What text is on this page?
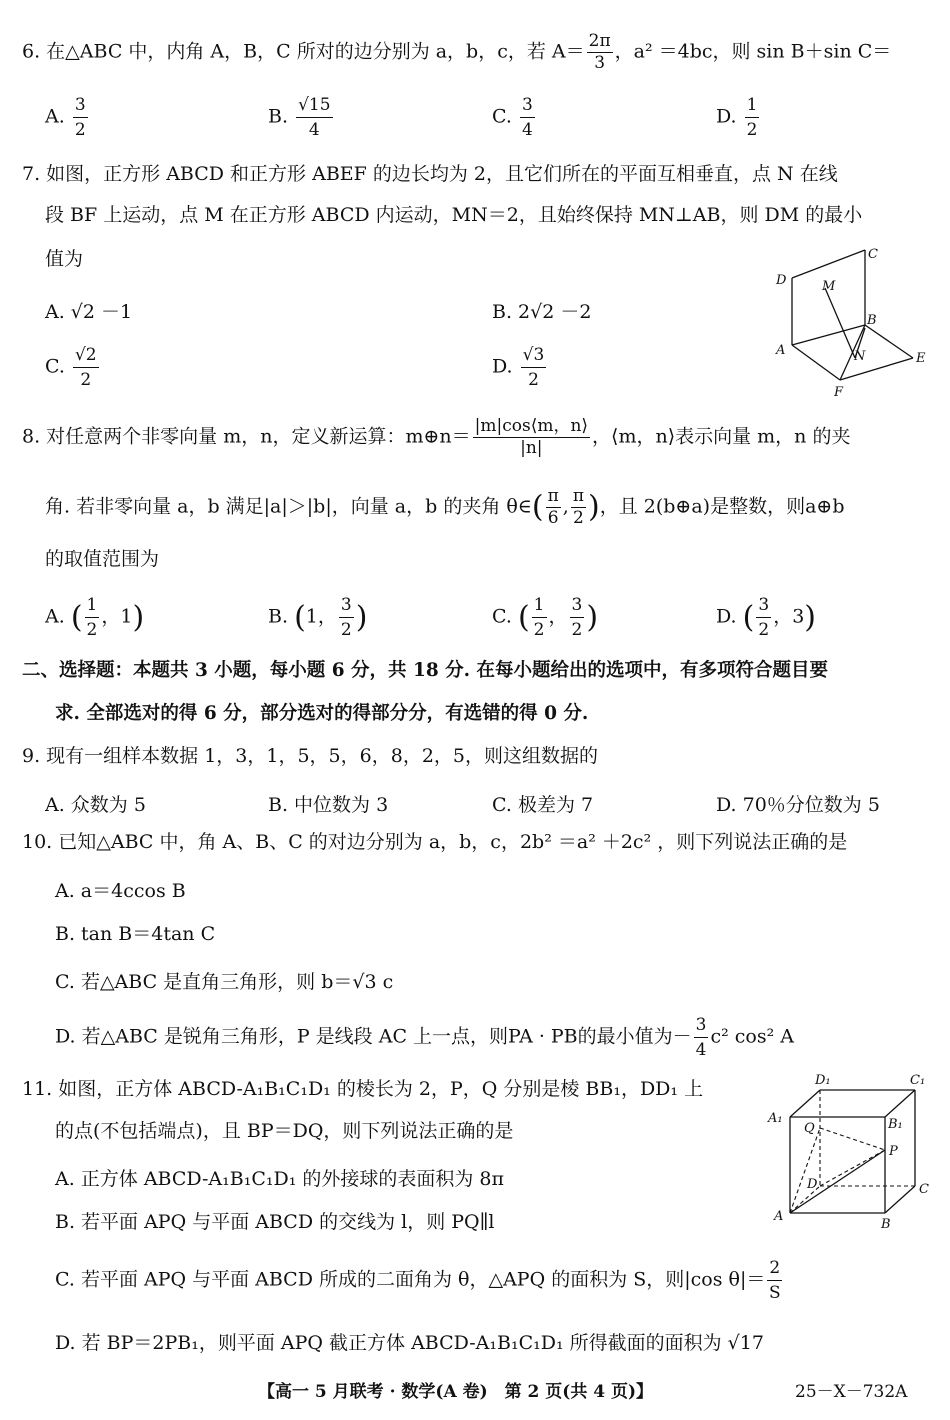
6. 在△ABC 中，内角 A，B，C 所对的边分别为 a，b，c，若 $A= \frac{2\pi}{3}$ ，a² ＝4bc，则 sin B＋sin C＝
A. $\frac{3}{2}$	B. $\frac{√15}{4}$	C. $\frac{3}{4}$	D. $\frac{1}{2}$
7. 如图，正方形 ABCD 和正方形 ABEF 的边长均为 2，且它们所在的平面互相垂直，点 N 在线
段 BF 上运动，点 M 在正方形 ABCD 内运动，MN＝2，且始终保持 MN⊥AB，则 DM 的最小
值为
A. √2 －1	B. 2√2 －2
C. $\frac{√2}{2}$	D. $\frac{√3}{2}$
D
C
M
B
A	N	E
F
8. 对任意两个非零向量 m，n，定义新运算：m⊕n＝ $\frac{|m|\cos⟨m,n⟩}{|n|}$ ，⟨m，n⟩表示向量 m，n 的夹
角. 若非零向量 a，b 满足|a|＞|b|，向量 a，b 的夹角 θ∈( $\frac{\pi}{6}$ , $\frac{\pi}{2}$ )，且 2(b⊕a)是整数，则a⊕b
的取值范围为
A. ( $\frac{1}{2}$ ，1)	B. (1， $\frac{3}{2}$ )	C. ( $\frac{1}{2}$ ， $\frac{3}{2}$ )	D. ( $\frac{3}{2}$ ，3)
二、选择题：本题共 3 小题，每小题 6 分，共 18 分. 在每小题给出的选项中，有多项符合题目要
求. 全部选对的得 6 分，部分选对的得部分分，有选错的得 0 分.
9. 现有一组样本数据 1，3，1，5，5，6，8，2，5，则这组数据的
A. 众数为 5	B. 中位数为 3	C. 极差为 7	D. 70％分位数为 5
10. 已知△ABC 中，角 A、B、C 的对边分别为 a，b，c，2b² ＝a² ＋2c² ，则下列说法正确的是
A. a＝4ccos B
B. tan B＝4tan C
C. 若△ABC 是直角三角形，则 b＝√3 c
D. 若△ABC 是锐角三角形，P 是线段 AC 上一点，则PA · PB的最小值为－ $\frac{3}{4} c^2$ cos² A
11. 如图，正方体 ABCD-A₁B₁C₁D₁ 的棱长为 2，P，Q 分别是棱 BB₁，DD₁ 上
的点(不包括端点)，且 BP＝DQ，则下列说法正确的是
A. 正方体 ABCD-A₁B₁C₁D₁ 的外接球的表面积为 8π
B. 若平面 APQ 与平面 ABCD 的交线为 l，则 PQ∥l
C. 若平面 APQ 与平面 ABCD 所成的二面角为 θ，△APQ 的面积为 S，则|cos $\theta|= \frac{2}{S}$
D. 若 BP＝2PB₁，则平面 APQ 截正方体 ABCD-A₁B₁C₁D₁ 所得截面的面积为 √17
D₁	C₁
A₁	B₁
Q
P
D	C
A
B
【高一 5 月联考 · 数学(A 卷)　第 2 页(共 4 页)】	25－X－732A
